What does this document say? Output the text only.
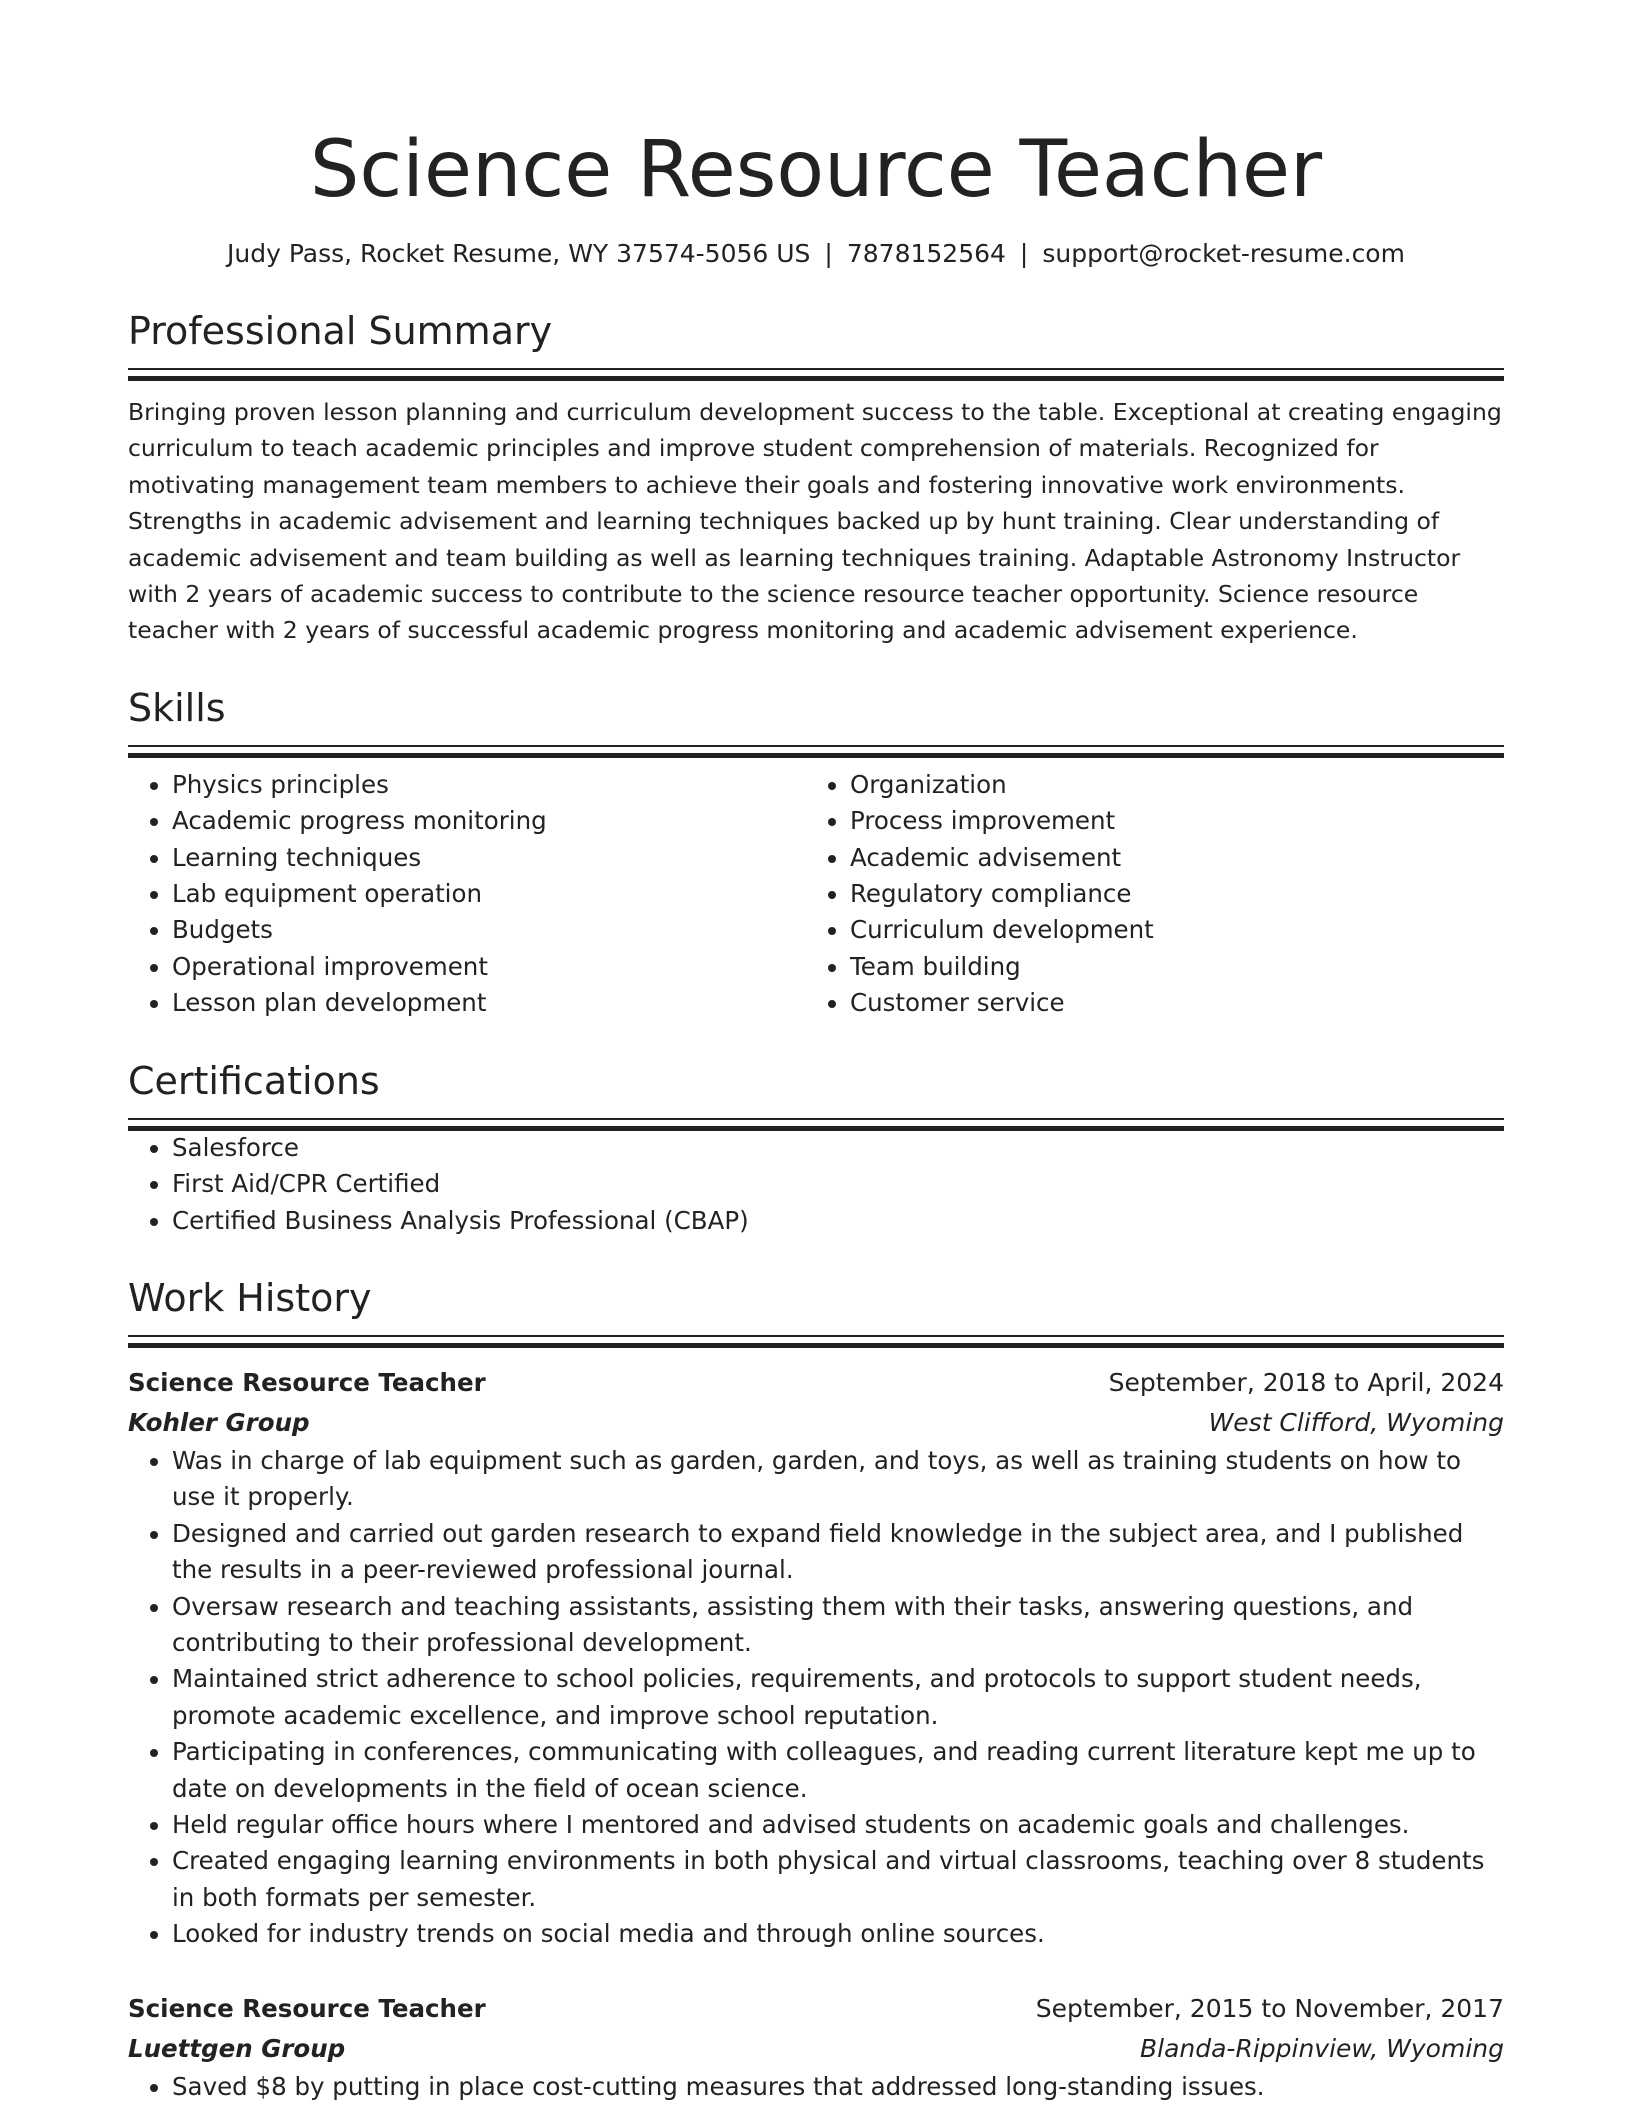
Science Resource Teacher
Judy Pass, Rocket Resume, WY 37574-5056 US | 7878152564 | support@rocket-resume.com
Professional Summary

Bringing proven lesson planning and curriculum development success to the table. Exceptional at creating engaging curriculum to teach academic principles and improve student comprehension of materials. Recognized for motivating management team members to achieve their goals and fostering innovative work environments. Strengths in academic advisement and learning techniques backed up by hunt training. Clear understanding of academic advisement and team building as well as learning techniques training. Adaptable Astronomy Instructor with 2 years of academic success to contribute to the science resource teacher opportunity. Science resource teacher with 2 years of successful academic progress monitoring and academic advisement experience.

Skills
• Physics principles
• Academic progress monitoring
• Learning techniques
• Lab equipment operation
• Budgets
• Operational improvement
• Lesson plan development
• Organization
• Process improvement
• Academic advisement
• Regulatory compliance
• Curriculum development
• Team building
• Customer service
Certifications
• Salesforce
• First Aid/CPR Certified
• Certified Business Analysis Professional (CBAP)
Work History
Science Resource Teacher	September, 2018 to April, 2024
Kohler Group	West Clifford, Wyoming
• Was in charge of lab equipment such as garden, garden, and toys, as well as training students on how to use it properly.
• Designed and carried out garden research to expand field knowledge in the subject area, and I published the results in a peer-reviewed professional journal.
• Oversaw research and teaching assistants, assisting them with their tasks, answering questions, and contributing to their professional development.
• Maintained strict adherence to school policies, requirements, and protocols to support student needs, promote academic excellence, and improve school reputation.
• Participating in conferences, communicating with colleagues, and reading current literature kept me up to date on developments in the field of ocean science.
• Held regular office hours where I mentored and advised students on academic goals and challenges.
• Created engaging learning environments in both physical and virtual classrooms, teaching over 8 students in both formats per semester.
• Looked for industry trends on social media and through online sources.
Science Resource Teacher	September, 2015 to November, 2017
Luettgen Group	Blanda-Rippinview, Wyoming
• Saved $8 by putting in place cost-cutting measures that addressed long-standing issues.
